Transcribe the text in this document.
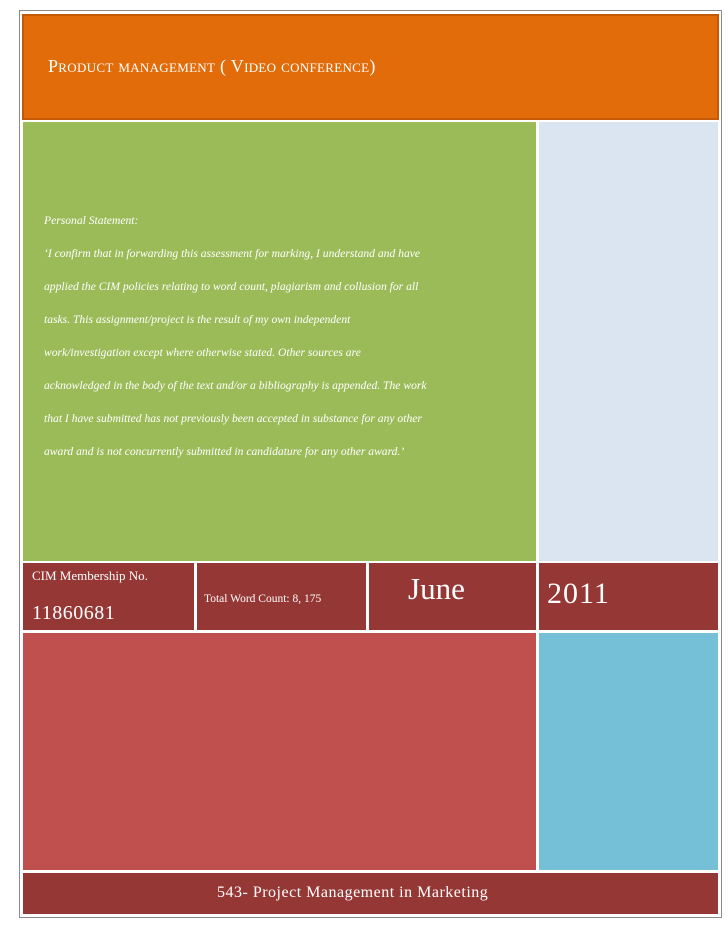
Product management ( Video conference)

Personal Statement:

‘I confirm that in forwarding this assessment for marking, I understand and have

applied the CIM policies relating to word count, plagiarism and collusion for all

tasks. This assignment/project is the result of my own independent

work/investigation except where otherwise stated. Other sources are

acknowledged in the body of the text and/or a bibliography is appended. The work

that I have submitted has not previously been accepted in substance for any other

award and is not concurrently submitted in candidature for any other award.’

CIM Membership No.
11860681
Total Word Count: 8, 175	June	2011
543- Project Management in Marketing
